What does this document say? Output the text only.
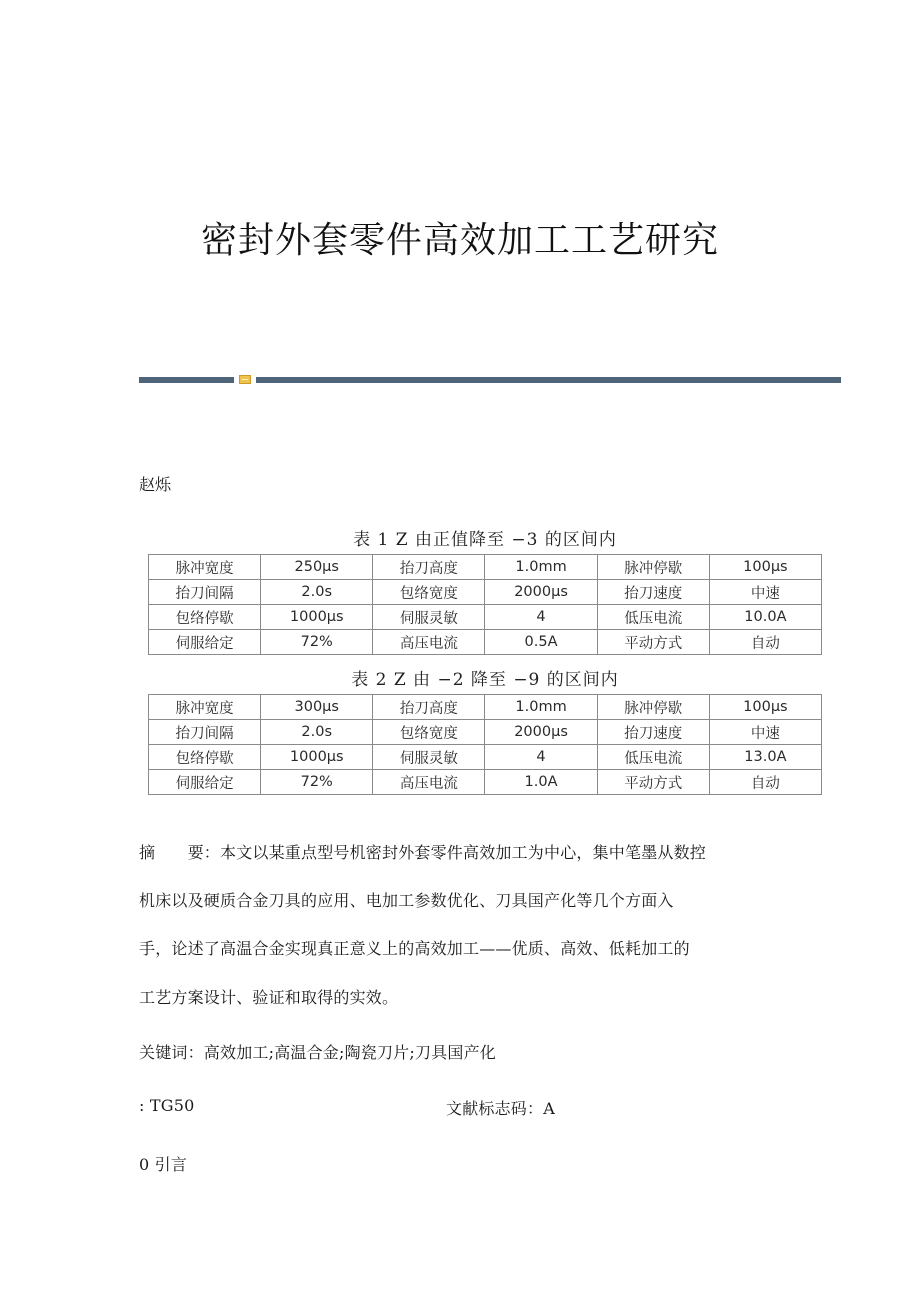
密封外套零件高效加工工艺研究
赵烁
表 1 Z 由正值降至 −3 的区间内
脉冲宽度	250μs	抬刀高度	1.0mm	脉冲停歇	100μs
抬刀间隔	2.0s	包络宽度	2000μs	抬刀速度	中速
包络停歇	1000μs	伺服灵敏	4	低压电流	10.0A
伺服给定	72%	高压电流	0.5A	平动方式	自动
表 2 Z 由 −2 降至 −9 的区间内
脉冲宽度	300μs	抬刀高度	1.0mm	脉冲停歇	100μs
抬刀间隔	2.0s	包络宽度	2000μs	抬刀速度	中速
包络停歇	1000μs	伺服灵敏	4	低压电流	13.0A
伺服给定	72%	高压电流	1.0A	平动方式	自动
摘　　要：本文以某重点型号机密封外套零件高效加工为中心，集中笔墨从数控
机床以及硬质合金刀具的应用、电加工参数优化、刀具国产化等几个方面入
手，论述了高温合金实现真正意义上的高效加工——优质、高效、低耗加工的
工艺方案设计、验证和取得的实效。
关键词：高效加工;高温合金;陶瓷刀片;刀具国产化
: TG50	文献标志码：A
0 引言
